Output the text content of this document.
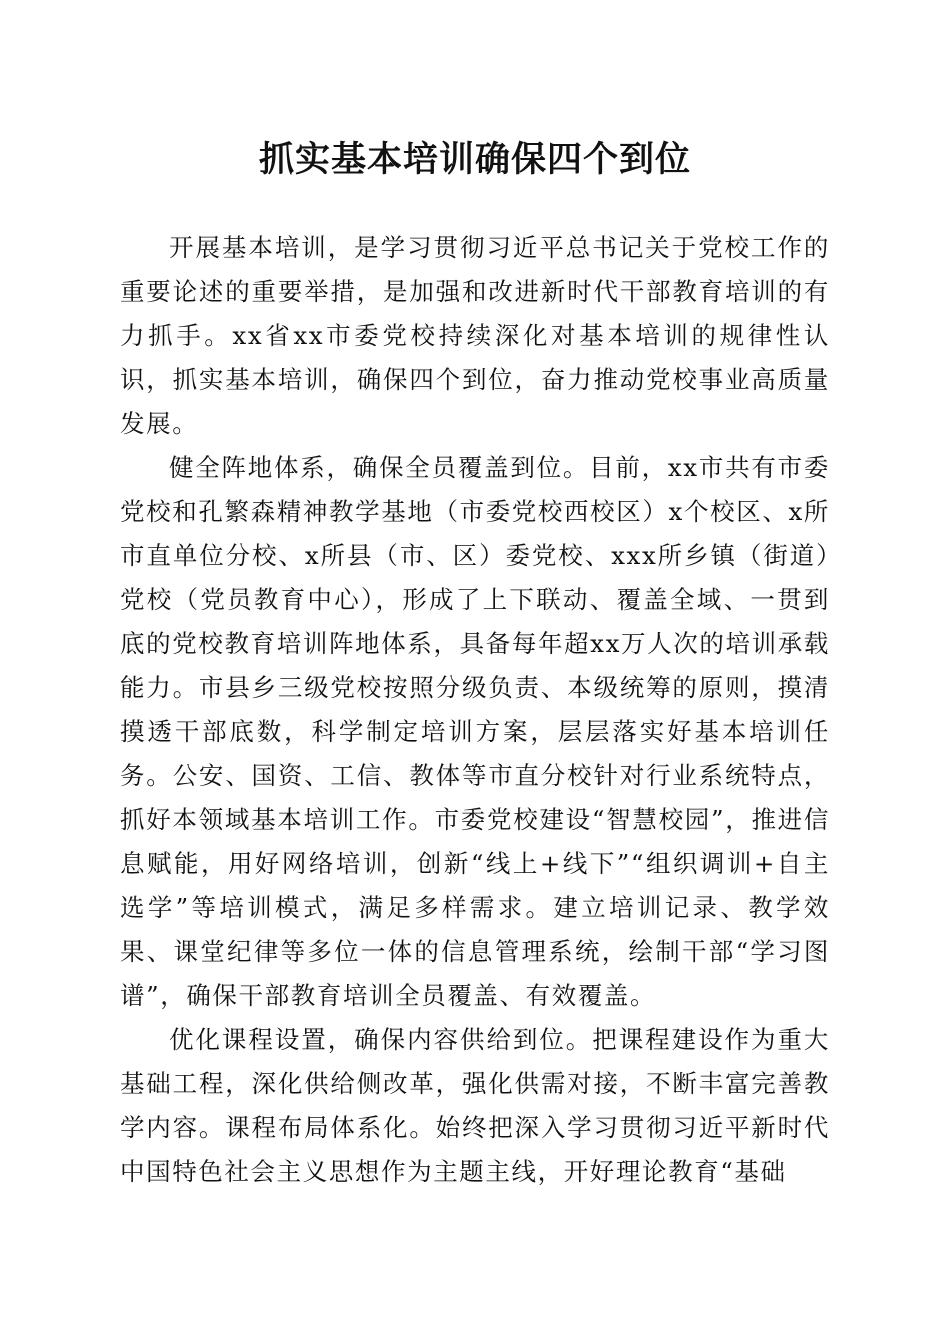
抓实基本培训确保四个到位

开展基本培训，是学习贯彻习近平总书记关于党校工作的重要论述的重要举措，是加强和改进新时代干部教育培训的有力抓手。xx省xx市委党校持续深化对基本培训的规律性认识，抓实基本培训，确保四个到位，奋力推动党校事业高质量发展。

健全阵地体系，确保全员覆盖到位。目前，xx市共有市委党校和孔繁森精神教学基地（市委党校西校区）x个校区、x所市直单位分校、x所县（市、区）委党校、xxx所乡镇（街道）党校（党员教育中心），形成了上下联动、覆盖全域、一贯到底的党校教育培训阵地体系，具备每年超xx万人次的培训承载能力。市县乡三级党校按照分级负责、本级统筹的原则，摸清摸透干部底数，科学制定培训方案，层层落实好基本培训任务。公安、国资、工信、教体等市直分校针对行业系统特点，抓好本领域基本培训工作。市委党校建设“智慧校园”，推进信息赋能，用好网络培训，创新“线上+线下”“组织调训+自主选学”等培训模式，满足多样需求。建立培训记录、教学效果、课堂纪律等多位一体的信息管理系统，绘制干部“学习图谱”，确保干部教育培训全员覆盖、有效覆盖。

优化课程设置，确保内容供给到位。把课程建设作为重大基础工程，深化供给侧改革，强化供需对接，不断丰富完善教学内容。课程布局体系化。始终把深入学习贯彻习近平新时代中国特色社会主义思想作为主题主线，开好理论教育“基础
